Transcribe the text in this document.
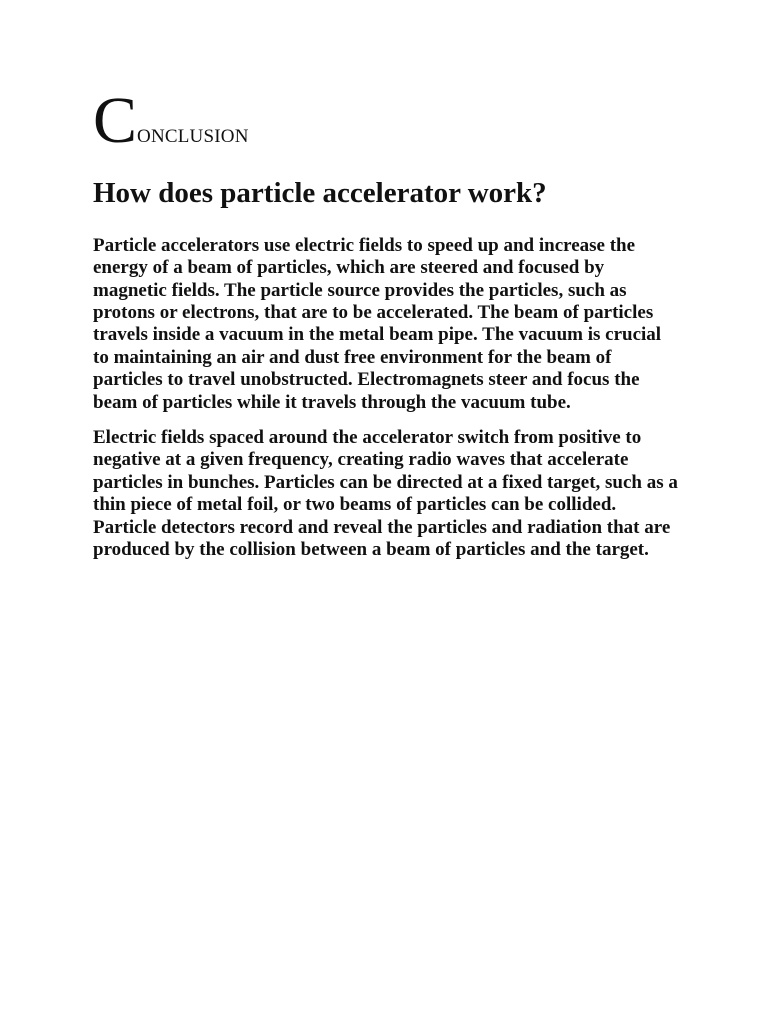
Conclusion
How does particle accelerator work?

Particle accelerators use electric fields to speed up and increase the energy of a beam of particles, which are steered and focused by magnetic fields. The particle source provides the particles, such as protons or electrons, that are to be accelerated. The beam of particles travels inside a vacuum in the metal beam pipe. The vacuum is crucial to maintaining an air and dust free environment for the beam of particles to travel unobstructed. Electromagnets steer and focus the beam of particles while it travels through the vacuum tube.

Electric fields spaced around the accelerator switch from positive to negative at a given frequency, creating radio waves that accelerate particles in bunches. Particles can be directed at a fixed target, such as a thin piece of metal foil, or two beams of particles can be collided. Particle detectors record and reveal the particles and radiation that are produced by the collision between a beam of particles and the target.
